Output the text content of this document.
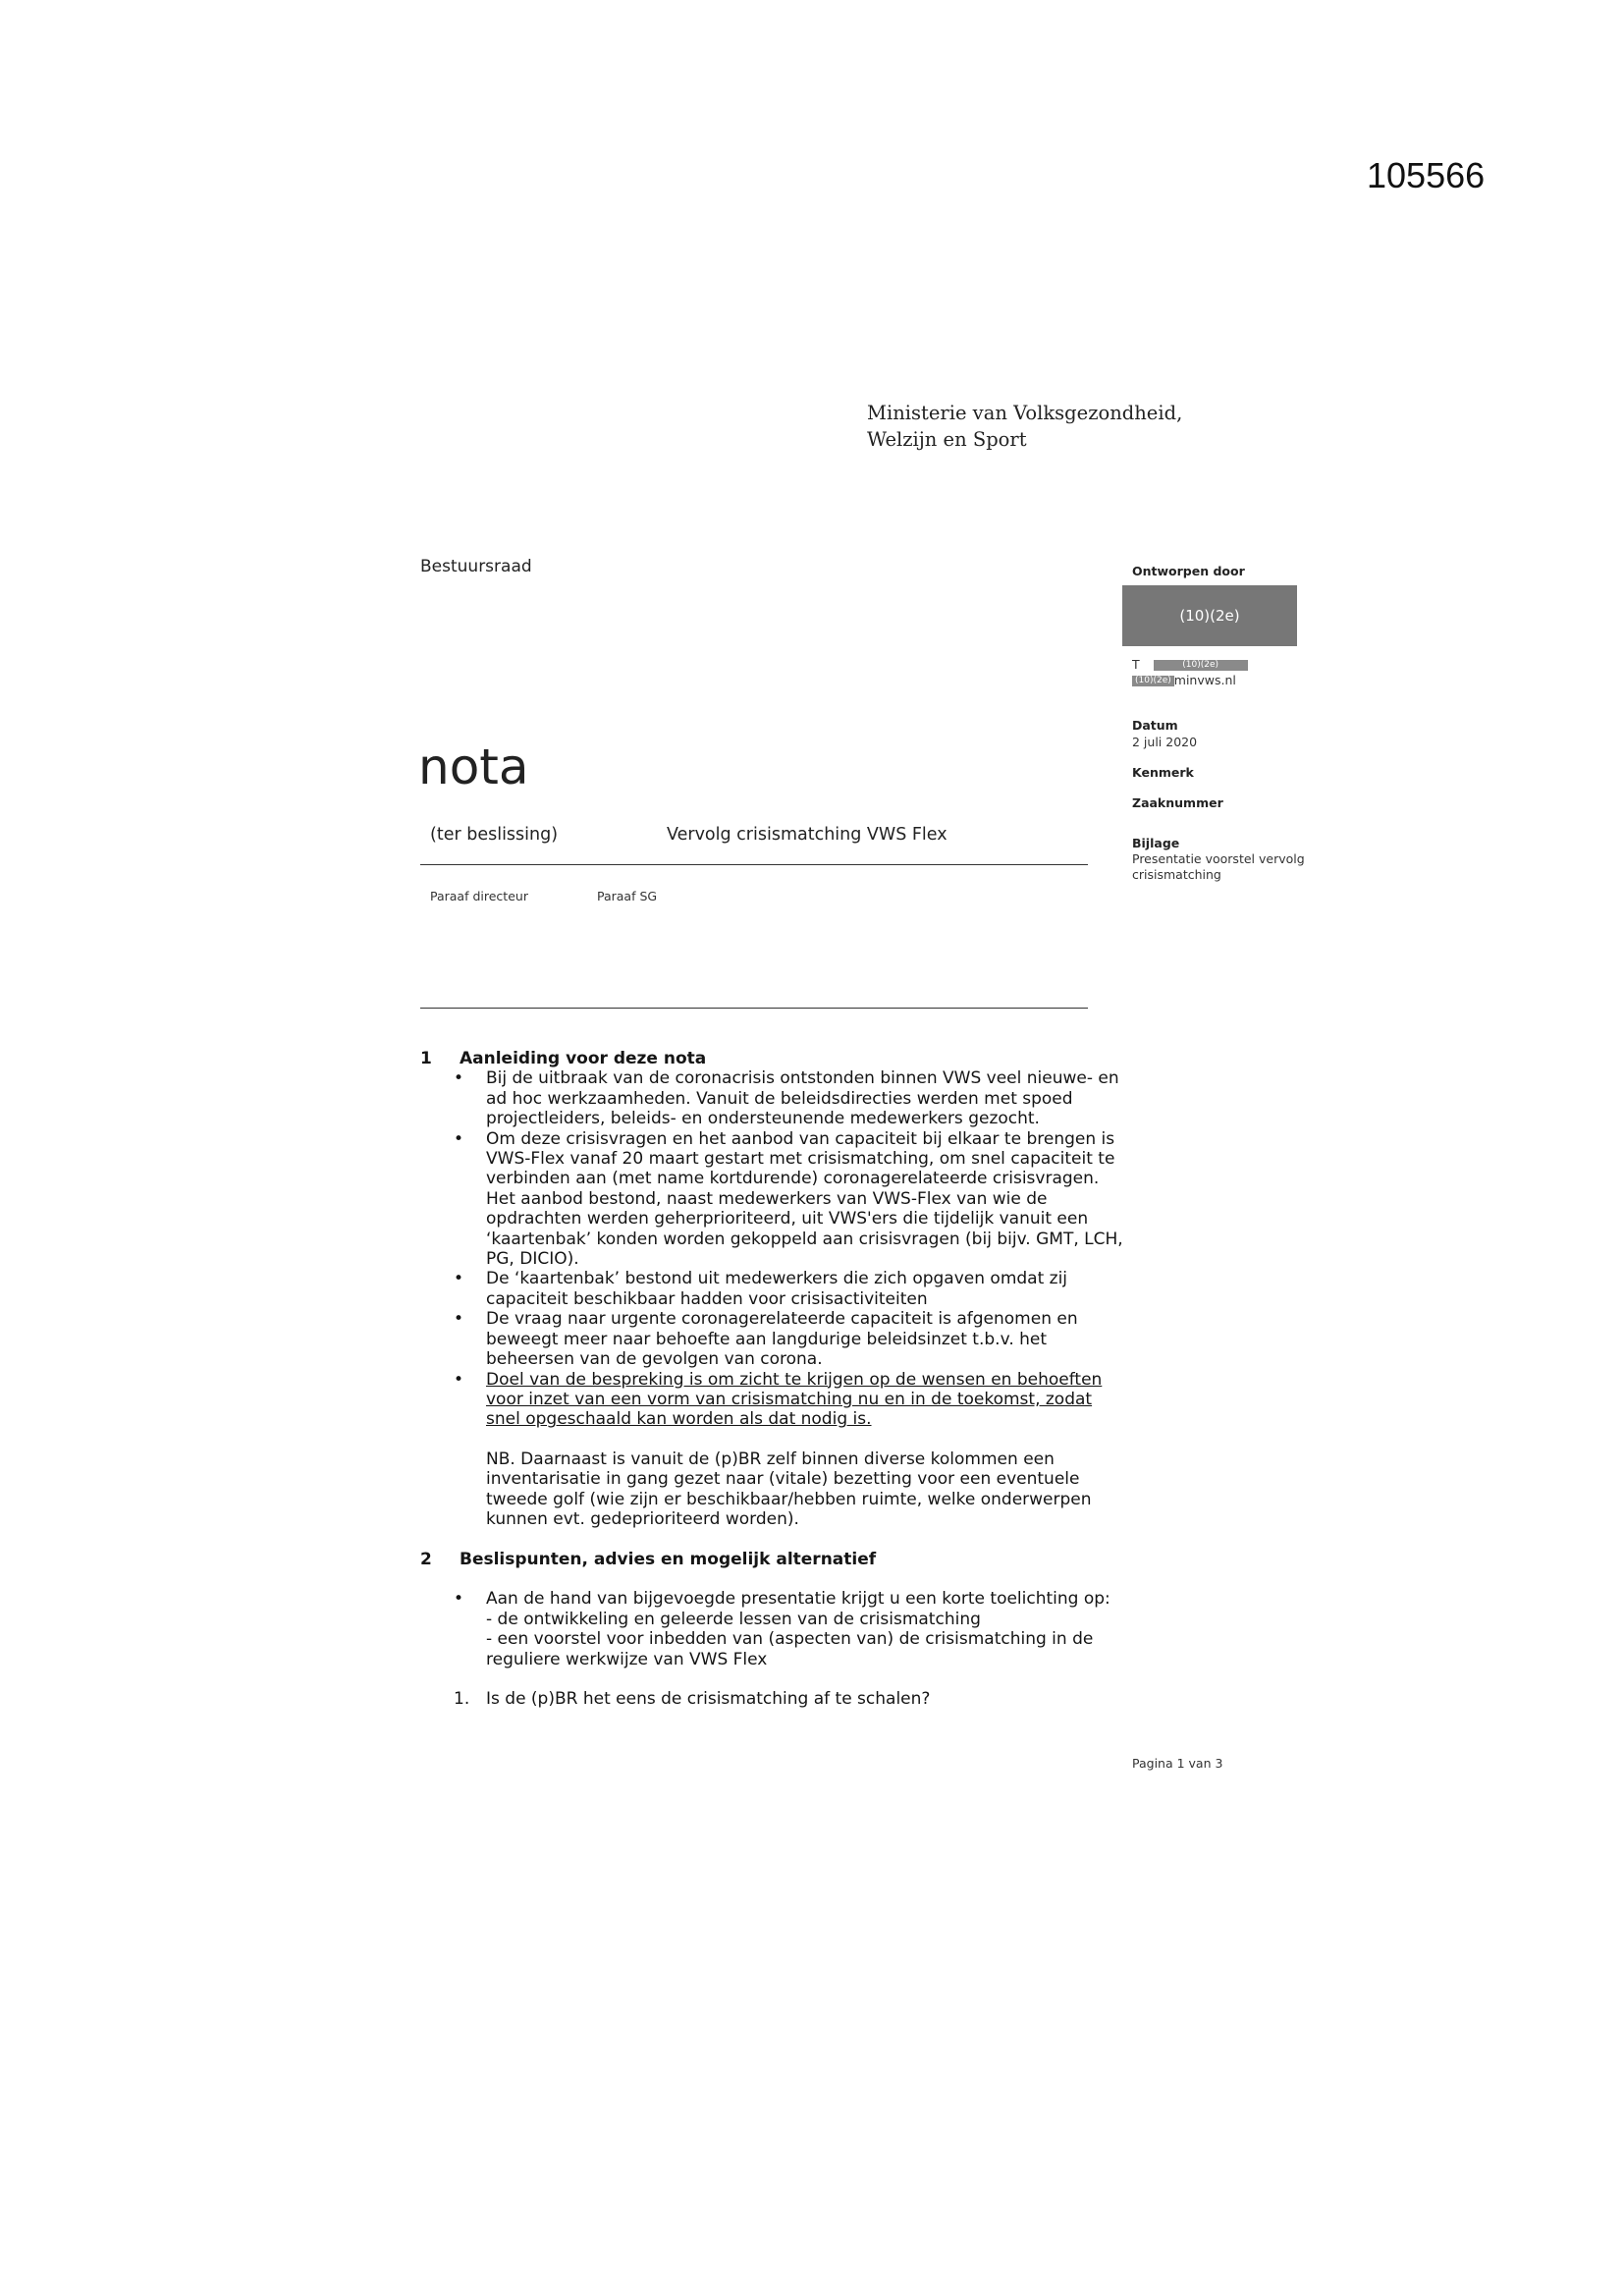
105566
Ministerie van Volksgezondheid,
Welzijn en Sport
Bestuursraad
nota
(ter beslissing)	Vervolg crisismatching VWS Flex
Paraaf directeur	Paraaf SG
Ontworpen door
(10)(2e)
T	(10)(2e)
(10)(2e) minvws.nl
Datum
2 juli 2020
Kenmerk
Zaaknummer
Bijlage
Presentatie voorstel vervolg
crisismatching
1 Aanleiding voor deze nota
• Bij de uitbraak van de coronacrisis ontstonden binnen VWS veel nieuwe- en ad hoc werkzaamheden. Vanuit de beleidsdirecties werden met spoed projectleiders, beleids- en ondersteunende medewerkers gezocht.
• Om deze crisisvragen en het aanbod van capaciteit bij elkaar te brengen is VWS-Flex vanaf 20 maart gestart met crisismatching, om snel capaciteit te verbinden aan (met name kortdurende) coronagerelateerde crisisvragen. Het aanbod bestond, naast medewerkers van VWS-Flex van wie de opdrachten werden geherprioriteerd, uit VWS'ers die tijdelijk vanuit een ‘kaartenbak’ konden worden gekoppeld aan crisisvragen (bij bijv. GMT, LCH, PG, DICIO).
• De ‘kaartenbak’ bestond uit medewerkers die zich opgaven omdat zij capaciteit beschikbaar hadden voor crisisactiviteiten
• De vraag naar urgente coronagerelateerde capaciteit is afgenomen en beweegt meer naar behoefte aan langdurige beleidsinzet t.b.v. het beheersen van de gevolgen van corona.
• Doel van de bespreking is om zicht te krijgen op de wensen en behoeften voor inzet van een vorm van crisismatching nu en in de toekomst, zodat snel opgeschaald kan worden als dat nodig is.
NB. Daarnaast is vanuit de (p)BR zelf binnen diverse kolommen een inventarisatie in gang gezet naar (vitale) bezetting voor een eventuele tweede golf (wie zijn er beschikbaar/hebben ruimte, welke onderwerpen kunnen evt. gedeprioriteerd worden).
2 Beslispunten, advies en mogelijk alternatief
• Aan de hand van bijgevoegde presentatie krijgt u een korte toelichting op:
- de ontwikkeling en geleerde lessen van de crisismatching
- een voorstel voor inbedden van (aspecten van) de crisismatching in de reguliere werkwijze van VWS Flex
1. Is de (p)BR het eens de crisismatching af te schalen?
Pagina 1 van 3
